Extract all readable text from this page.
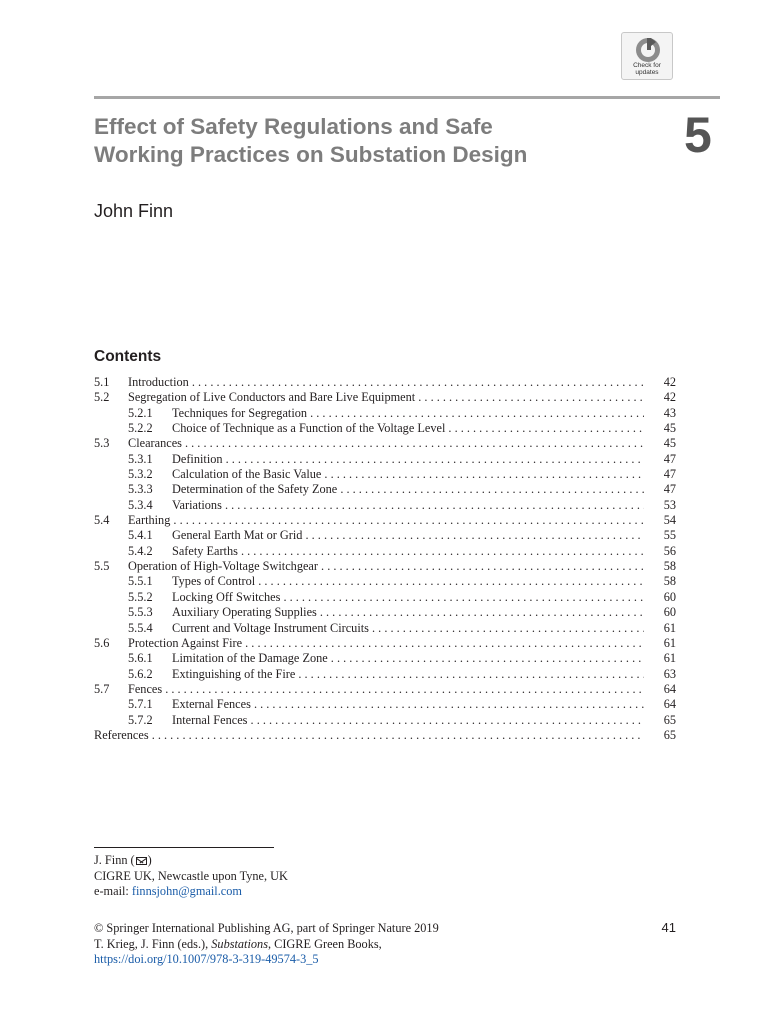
Check for
updates
Effect of Safety Regulations and Safe
Working Practices on Substation Design	5
John Finn
Contents
5.1 Introduction . . .	42
5.2 Segregation of Live Conductors and Bare Live Equipment . . .	42
5.2.1 Techniques for Segregation . . .	43
5.2.2 Choice of Technique as a Function of the Voltage Level . . .	45
5.3 Clearances . . .	45
5.3.1 Definition . . .	47
5.3.2 Calculation of the Basic Value . . .	47
5.3.3 Determination of the Safety Zone . . .	47
5.3.4 Variations . . .	53
5.4 Earthing . . .	54
5.4.1 General Earth Mat or Grid . . .	55
5.4.2 Safety Earths . . .	56
5.5 Operation of High-Voltage Switchgear . . .	58
5.5.1 Types of Control . . .	58
5.5.2 Locking Off Switches . . .	60
5.5.3 Auxiliary Operating Supplies . . .	60
5.5.4 Current and Voltage Instrument Circuits . . .	61
5.6 Protection Against Fire . . .	61
5.6.1 Limitation of the Damage Zone . . .	61
5.6.2 Extinguishing of the Fire . . .	63
5.7 Fences . . .	64
5.7.1 External Fences . . .	64
5.7.2 Internal Fences . . .	65
References . . .	65
J. Finn ( )
CIGRE UK, Newcastle upon Tyne, UK
e-mail: finnsjohn@gmail.com
© Springer International Publishing AG, part of Springer Nature 2019
T. Krieg, J. Finn (eds.), Substations, CIGRE Green Books,
https://doi.org/10.1007/978-3-319-49574-3_5
41
